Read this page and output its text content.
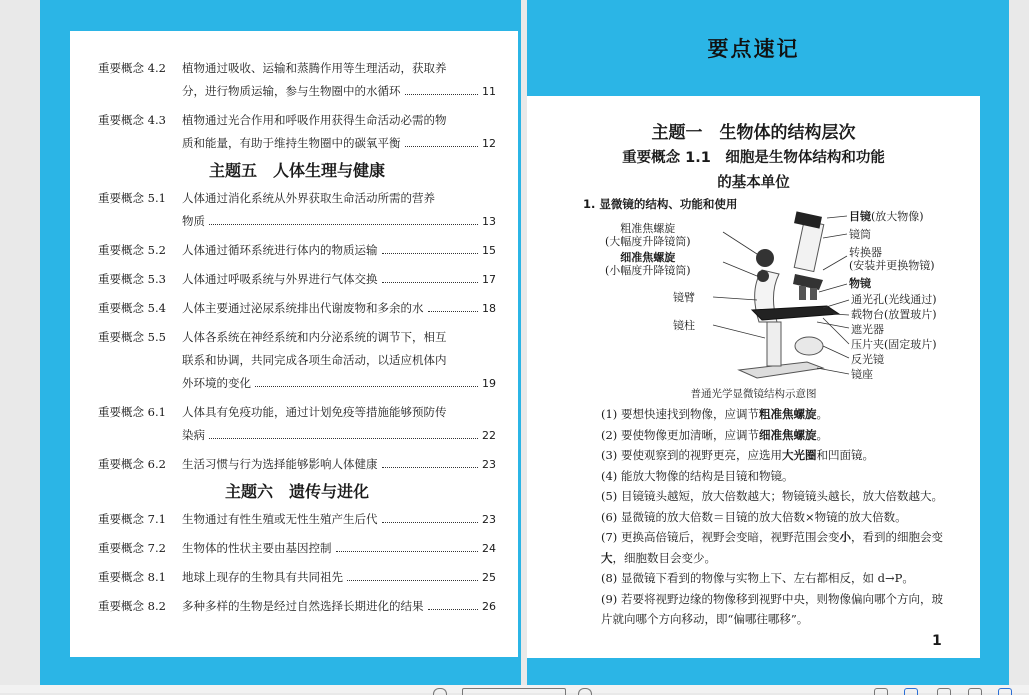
重要概念 4.2	植物通过吸收、运输和蒸腾作用等生理活动，获取养
分，进行物质运输，参与生物圈中的水循环	11
重要概念 4.3	植物通过光合作用和呼吸作用获得生命活动必需的物
质和能量，有助于维持生物圈中的碳氧平衡	12
主题五　人体生理与健康
重要概念 5.1	人体通过消化系统从外界获取生命活动所需的营养
物质	13
重要概念 5.2	人体通过循环系统进行体内的物质运输	15
重要概念 5.3	人体通过呼吸系统与外界进行气体交换	17
重要概念 5.4	人体主要通过泌尿系统排出代谢废物和多余的水	18
重要概念 5.5	人体各系统在神经系统和内分泌系统的调节下，相互
联系和协调，共同完成各项生命活动，以适应机体内
外环境的变化	19
重要概念 6.1	人体具有免疫功能，通过计划免疫等措施能够预防传
染病	22
重要概念 6.2	生活习惯与行为选择能够影响人体健康	23
主题六　遗传与进化
重要概念 7.1	生物通过有性生殖或无性生殖产生后代	23
重要概念 7.2	生物体的性状主要由基因控制	24
重要概念 8.1	地球上现存的生物具有共同祖先	25
重要概念 8.2	多种多样的生物是经过自然选择长期进化的结果	26
要点速记
主题一　生物体的结构层次
重要概念 1.1　细胞是生物体结构和功能
的基本单位
1. 显微镜的结构、功能和使用
粗准焦螺旋
(大幅度升降镜筒)
细准焦螺旋
(小幅度升降镜筒)
镜臂
镜柱
目镜(放大物像)
镜筒
转换器
(安装并更换物镜)
物镜
通光孔(光线通过)
载物台(放置玻片)
遮光器
压片夹(固定玻片)
反光镜
镜座
普通光学显微镜结构示意图

(1) 要想快速找到物像，应调节粗准焦螺旋。

(2) 要使物像更加清晰，应调节细准焦螺旋。

(3) 要使观察到的视野更亮，应选用大光圈和凹面镜。

(4) 能放大物像的结构是目镜和物镜。

(5) 目镜镜头越短，放大倍数越大；物镜镜头越长，放大倍数越大。

(6) 显微镜的放大倍数＝目镜的放大倍数×物镜的放大倍数。

(7) 更换高倍镜后，视野会变暗，视野范围会变小，看到的细胞会变大，细胞数目会变少。

(8) 显微镜下看到的物像与实物上下、左右都相反，如 d→P。

(9) 若要将视野边缘的物像移到视野中央，则物像偏向哪个方向，玻片就向哪个方向移动，即“偏哪往哪移”。

1
